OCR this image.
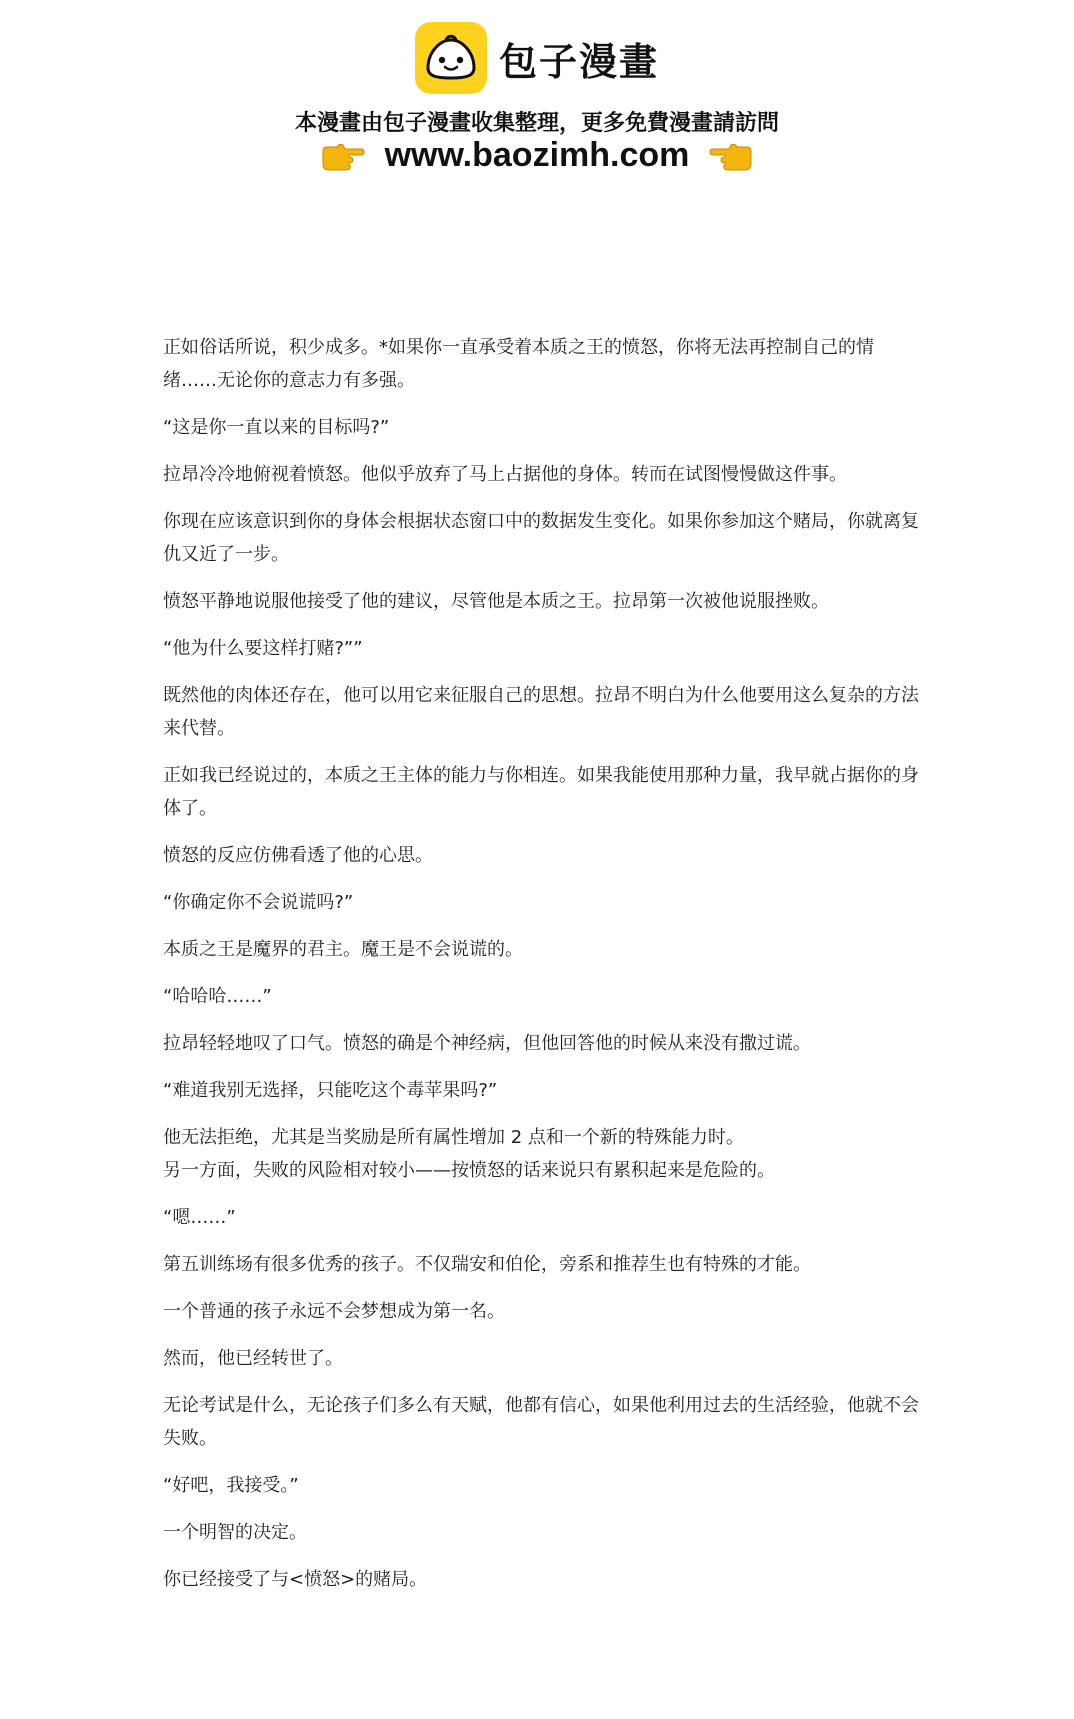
包子漫畫
本漫畫由包子漫畫收集整理，更多免費漫畫請訪問
www.baozimh.com

正如俗话所说，积少成多。*如果你一直承受着本质之王的愤怒，你将无法再控制自己的情绪……无论你的意志力有多强。

“这是你一直以来的目标吗?”

拉昂冷冷地俯视着愤怒。他似乎放弃了马上占据他的身体。转而在试图慢慢做这件事。

你现在应该意识到你的身体会根据状态窗口中的数据发生变化。如果你参加这个赌局，你就离复仇又近了一步。

愤怒平静地说服他接受了他的建议，尽管他是本质之王。拉昂第一次被他说服挫败。

“他为什么要这样打赌?””

既然他的肉体还存在，他可以用它来征服自己的思想。拉昂不明白为什么他要用这么复杂的方法来代替。

正如我已经说过的，本质之王主体的能力与你相连。如果我能使用那种力量，我早就占据你的身体了。

愤怒的反应仿佛看透了他的心思。

“你确定你不会说谎吗?”

本质之王是魔界的君主。魔王是不会说谎的。

“哈哈哈……”

拉昂轻轻地叹了口气。愤怒的确是个神经病，但他回答他的时候从来没有撒过谎。

“难道我别无选择，只能吃这个毒苹果吗?”

他无法拒绝，尤其是当奖励是所有属性增加 2 点和一个新的特殊能力时。
另一方面，失败的风险相对较小——按愤怒的话来说只有累积起来是危险的。

“嗯……”

第五训练场有很多优秀的孩子。不仅瑞安和伯伦，旁系和推荐生也有特殊的才能。

一个普通的孩子永远不会梦想成为第一名。

然而，他已经转世了。

无论考试是什么，无论孩子们多么有天赋，他都有信心，如果他利用过去的生活经验，他就不会失败。

“好吧，我接受。”

一个明智的决定。

你已经接受了与<愤怒>的赌局。
